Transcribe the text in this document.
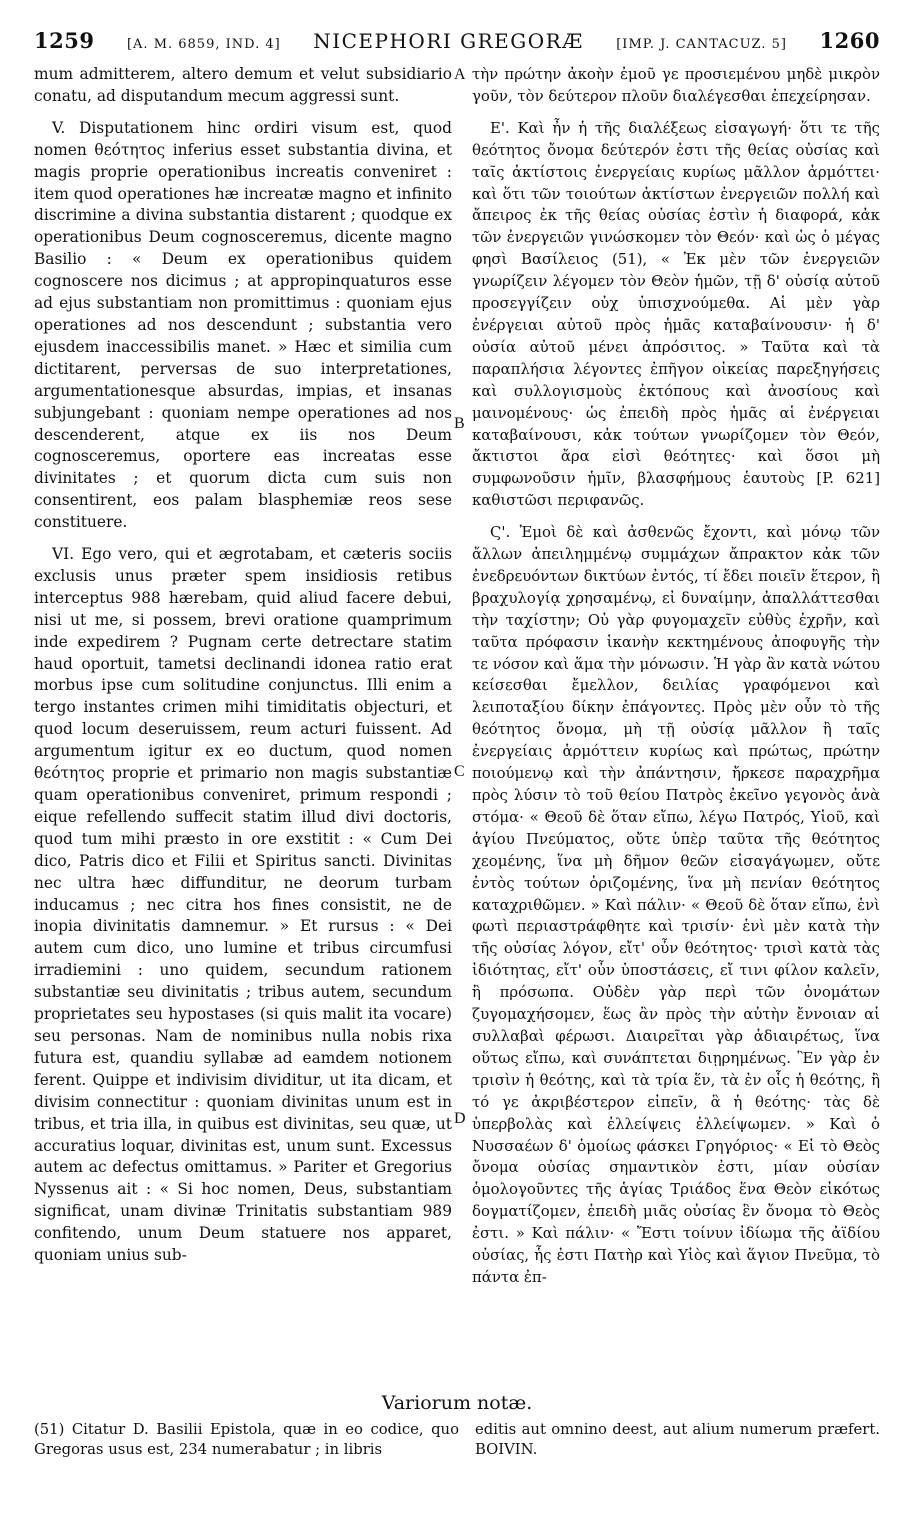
1259	[A. M. 6859, IND. 4] NICEPHORI GREGORÆ	[IMP. J. CANTACUZ. 5] 1260

mum admitterem, altero demum et velut subsidiario conatu, ad disputandum mecum aggressi sunt.

V. Disputationem hinc ordiri visum est, quod nomen θεότητος inferius esset substantia divina, et magis proprie operationibus increatis conveniret : item quod operationes hæ increatæ magno et infinito discrimine a divina substantia distarent ; quodque ex operationibus Deum cognosceremus, dicente magno Basilio : « Deum ex operationibus quidem cognoscere nos dicimus ; at appropinquaturos esse ad ejus substantiam non promittimus : quoniam ejus operationes ad nos descendunt ; substantia vero ejusdem inaccessibilis manet. » Hæc et similia cum dictitarent, perversas de suo interpretationes, argumentationesque absurdas, impias, et insanas subjungebant : quoniam nempe operationes ad nos descenderent, atque ex iis nos Deum cognosceremus, oportere eas increatas esse divinitates ; et quorum dicta cum suis non consentirent, eos palam blasphemiæ reos sese constituere.

VI. Ego vero, qui et ægrotabam, et cæteris sociis exclusis unus præter spem insidiosis retibus interceptus 988 hærebam, quid aliud facere debui, nisi ut me, si possem, brevi oratione quamprimum inde expedirem ? Pugnam certe detrectare statim haud oportuit, tametsi declinandi idonea ratio erat morbus ipse cum solitudine conjunctus. Illi enim a tergo instantes crimen mihi timiditatis objecturi, et quod locum deseruissem, reum acturi fuissent. Ad argumentum igitur ex eo ductum, quod nomen θεότητος proprie et primario non magis substantiæ quam operationibus conveniret, primum respondi ; eique refellendo suffecit statim illud divi doctoris, quod tum mihi præsto in ore exstitit : « Cum Dei dico, Patris dico et Filii et Spiritus sancti. Divinitas nec ultra hæc diffunditur, ne deorum turbam inducamus ; nec citra hos fines consistit, ne de inopia divinitatis damnemur. » Et rursus : « Dei autem cum dico, uno lumine et tribus circumfusi irradiemini : uno quidem, secundum rationem substantiæ seu divinitatis ; tribus autem, secundum proprietates seu hypostases (si quis malit ita vocare) seu personas. Nam de nominibus nulla nobis rixa futura est, quandiu syllabæ ad eamdem notionem ferent. Quippe et indivisim dividitur, ut ita dicam, et divisim connectitur : quoniam divinitas unum est in tribus, et tria illa, in quibus est divinitas, seu quæ, ut accuratius loquar, divinitas est, unum sunt. Excessus autem ac defectus omittamus. » Pariter et Gregorius Nyssenus ait : « Si hoc nomen, Deus, substantiam significat, unam divinæ Trinitatis substantiam 989 confitendo, unum Deum statuere nos apparet, quoniam unius sub-

A
B
C
D

τὴν πρώτην ἀκοὴν ἐμοῦ γε προσιεμένου μηδὲ μικρὸν γοῦν, τὸν δεύτερον πλοῦν διαλέγεσθαι ἐπεχείρησαν.

Ε'. Καὶ ἦν ἡ τῆς διαλέξεως εἰσαγωγή· ὅτι τε τῆς θεότητος ὄνομα δεύτερόν ἐστι τῆς θείας οὐσίας καὶ ταῖς ἀκτίστοις ἐνεργείαις κυρίως μᾶλλον ἁρμόττει· καὶ ὅτι τῶν τοιούτων ἀκτίστων ἐνεργειῶν πολλή καὶ ἄπειρος ἐκ τῆς θείας οὐσίας ἐστὶν ἡ διαφορά, κἀκ τῶν ἐνεργειῶν γινώσκομεν τὸν Θεόν· καὶ ὡς ὁ μέγας φησὶ Βασίλειος (51), « Ἐκ μὲν τῶν ἐνεργειῶν γνωρίζειν λέγομεν τὸν Θεὸν ἡμῶν, τῇ δ' οὐσίᾳ αὐτοῦ προσεγγίζειν οὐχ ὑπισχνούμεθα. Αἱ μὲν γὰρ ἐνέργειαι αὐτοῦ πρὸς ἡμᾶς καταβαίνουσιν· ἡ δ' οὐσία αὐτοῦ μένει ἀπρόσιτος. » Ταῦτα καὶ τὰ παραπλήσια λέγοντες ἐπῆγον οἰκείας παρεξηγήσεις καὶ συλλογισμοὺς ἐκτόπους καὶ ἀνοσίους καὶ μαινομένους· ὡς ἐπειδὴ πρὸς ἡμᾶς αἱ ἐνέργειαι καταβαίνουσι, κἀκ τούτων γνωρίζομεν τὸν Θεόν, ἄκτιστοι ἄρα εἰσὶ θεότητες· καὶ ὅσοι μὴ συμφωνοῦσιν ἡμῖν, βλασφήμους ἑαυτοὺς [P. 621] καθιστῶσι περιφανῶς.

Ϛ'. Ἐμοὶ δὲ καὶ ἀσθενῶς ἔχοντι, καὶ μόνῳ τῶν ἄλλων ἀπειλημμένῳ συμμάχων ἄπρακτον κἀκ τῶν ἐνεδρευόντων δικτύων ἐντός, τί ἔδει ποιεῖν ἕτερον, ἢ βραχυλογίᾳ χρησαμένῳ, εἰ δυναίμην, ἀπαλλάττεσθαι τὴν ταχίστην; Οὐ γὰρ φυγομαχεῖν εὐθὺς ἐχρῆν, καὶ ταῦτα πρόφασιν ἱκανὴν κεκτημένους ἀποφυγῆς τὴν τε νόσον καὶ ἅμα τὴν μόνωσιν. Ἡ γὰρ ἂν κατὰ νώτου κείσεσθαι ἔμελλον, δειλίας γραφόμενοι καὶ λειποταξίου δίκην ἐπάγοντες. Πρὸς μὲν οὖν τὸ τῆς θεότητος ὄνομα, μὴ τῇ οὐσίᾳ μᾶλλον ἢ ταῖς ἐνεργείαις ἁρμόττειν κυρίως καὶ πρώτως, πρώτην ποιούμενῳ καὶ τὴν ἀπάντησιν, ἤρκεσε παραχρῆμα πρὸς λύσιν τὸ τοῦ θείου Πατρὸς ἐκεῖνο γεγονὸς ἀνὰ στόμα· « Θεοῦ δὲ ὅταν εἴπω, λέγω Πατρός, Υἱοῦ, καὶ ἁγίου Πνεύματος, οὔτε ὑπὲρ ταῦτα τῆς θεότητος χεομένης, ἵνα μὴ δῆμον θεῶν εἰσαγάγωμεν, οὔτε ἐντὸς τούτων ὁριζομένης, ἵνα μὴ πενίαν θεότητος καταχριθῶμεν. » Καὶ πάλιν· « Θεοῦ δὲ ὅταν εἴπω, ἑνὶ φωτὶ περιαστράφθητε καὶ τρισίν· ἑνὶ μὲν κατὰ τὴν τῆς οὐσίας λόγον, εἴτ' οὖν θεότητος· τρισὶ κατὰ τὰς ἰδιότητας, εἴτ' οὖν ὑποστάσεις, εἴ τινι φίλον καλεῖν, ἢ πρόσωπα. Οὐδὲν γὰρ περὶ τῶν ὀνομάτων ζυγομαχήσομεν, ἕως ἂν πρὸς τὴν αὐτὴν ἔννοιαν αἱ συλλαβαὶ φέρωσι. Διαιρεῖται γὰρ ἀδιαιρέτως, ἵνα οὕτως εἴπω, καὶ συνάπτεται διῃρημένως. Ἓν γὰρ ἐν τρισὶν ἡ θεότης, καὶ τὰ τρία ἕν, τὰ ἐν οἷς ἡ θεότης, ἢ τό γε ἀκριβέστερον εἰπεῖν, ἃ ἡ θεότης· τὰς δὲ ὑπερβολὰς καὶ ἐλλείψεις ἐλλείψωμεν. » Καὶ ὁ Νυσσαέων δ' ὁμοίως φάσκει Γρηγόριος· « Εἰ τὸ Θεὸς ὄνομα οὐσίας σημαντικὸν ἐστι, μίαν οὐσίαν ὁμολογοῦντες τῆς ἁγίας Τριάδος ἕνα Θεὸν εἰκότως δογματίζομεν, ἐπειδὴ μιᾶς οὐσίας ἓν ὄνομα τὸ Θεὸς ἐστι. » Καὶ πάλιν· « Ἔστι τοίνυν ἰδίωμα τῆς ἀϊδίου οὐσίας, ἧς ἐστι Πατὴρ καὶ Υἱὸς καὶ ἅγιον Πνεῦμα, τὸ πάντα ἐπ-

Variorum notæ.
(51) Citatur D. Basilii Epistola, quæ in eo codice, quo Gregoras usus est, 234 numerabatur ; in libris
editis aut omnino deest, aut alium numerum præfert. BOIVIN.
